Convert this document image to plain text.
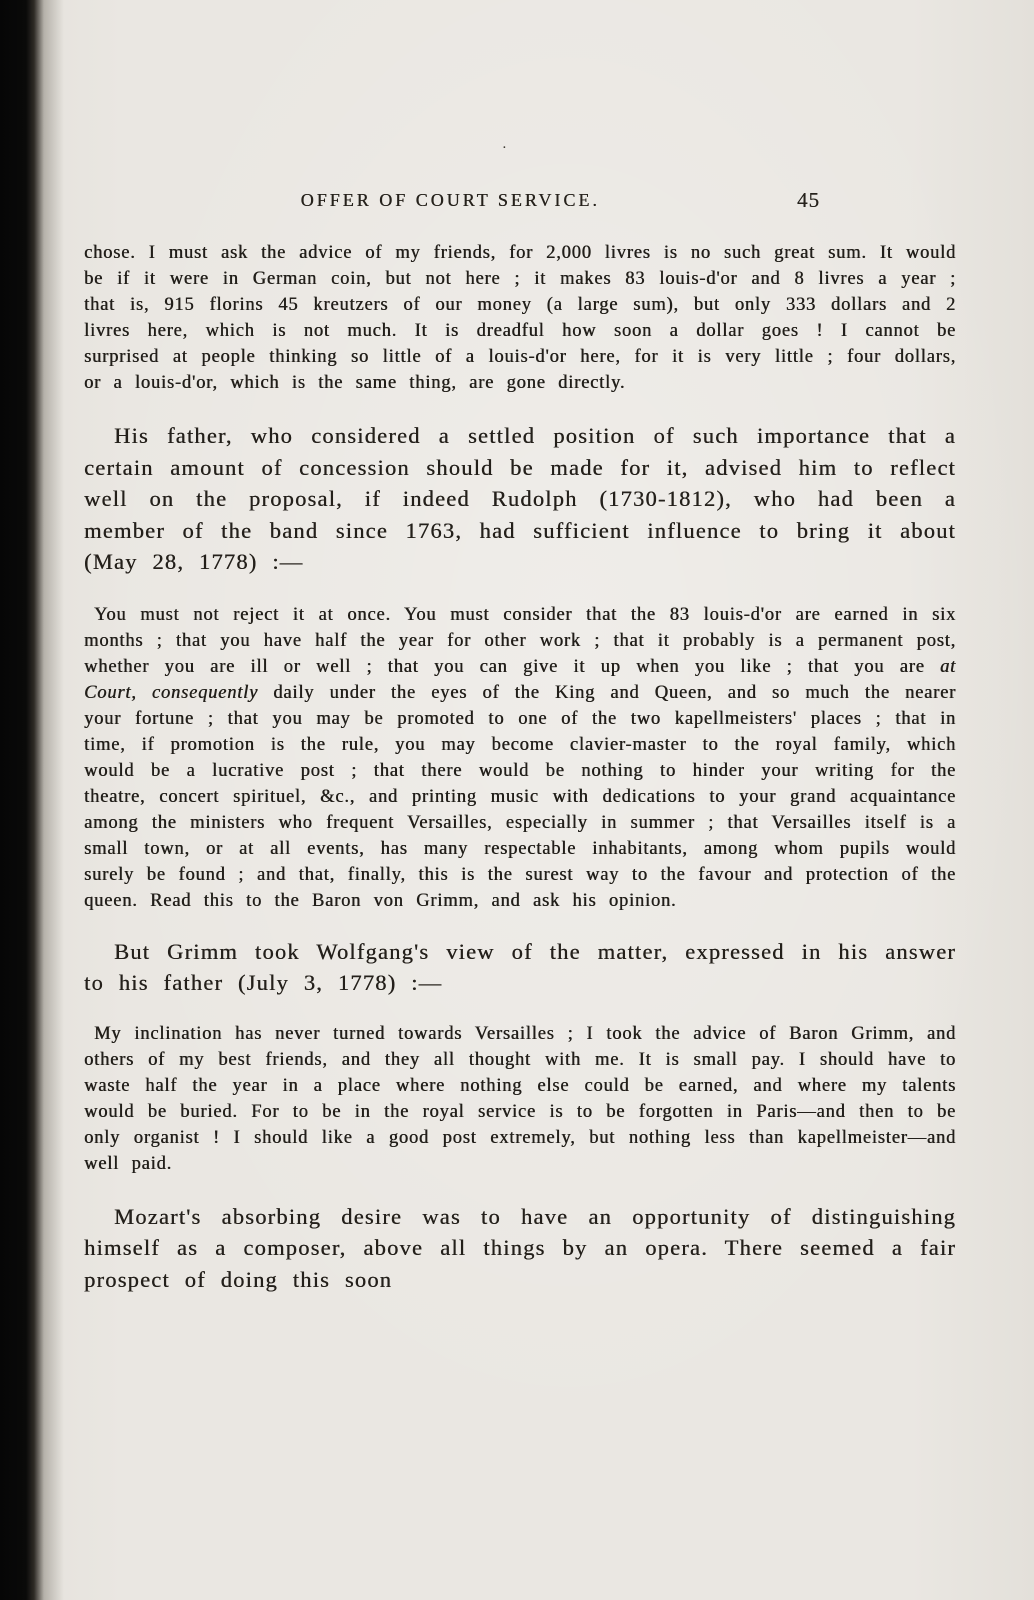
.
OFFER OF COURT SERVICE.	45

chose. I must ask the advice of my friends, for 2,000 livres is no such great sum. It would be if it were in German coin, but not here ; it makes 83 louis-d'or and 8 livres a year ; that is, 915 florins 45 kreutzers of our money (a large sum), but only 333 dollars and 2 livres here, which is not much. It is dreadful how soon a dollar goes ! I cannot be surprised at people thinking so little of a louis-d'or here, for it is very little ; four dollars, or a louis-d'or, which is the same thing, are gone directly.

His father, who considered a settled position of such importance that a certain amount of concession should be made for it, advised him to reflect well on the proposal, if indeed Rudolph (1730-1812), who had been a member of the band since 1763, had sufficient influence to bring it about (May 28, 1778) :—

You must not reject it at once. You must consider that the 83 louis-d'or are earned in six months ; that you have half the year for other work ; that it probably is a permanent post, whether you are ill or well ; that you can give it up when you like ; that you are at Court, consequently daily under the eyes of the King and Queen, and so much the nearer your fortune ; that you may be promoted to one of the two kapellmeisters' places ; that in time, if promotion is the rule, you may become clavier-master to the royal family, which would be a lucrative post ; that there would be nothing to hinder your writing for the theatre, concert spirituel, &c., and printing music with dedications to your grand acquaintance among the ministers who frequent Versailles, especially in summer ; that Versailles itself is a small town, or at all events, has many respectable inhabitants, among whom pupils would surely be found ; and that, finally, this is the surest way to the favour and protection of the queen. Read this to the Baron von Grimm, and ask his opinion.

But Grimm took Wolfgang's view of the matter, expressed in his answer to his father (July 3, 1778) :—

My inclination has never turned towards Versailles ; I took the advice of Baron Grimm, and others of my best friends, and they all thought with me. It is small pay. I should have to waste half the year in a place where nothing else could be earned, and where my talents would be buried. For to be in the royal service is to be forgotten in Paris—and then to be only organist ! I should like a good post extremely, but nothing less than kapellmeister—and well paid.

Mozart's absorbing desire was to have an opportunity of distinguishing himself as a composer, above all things by an opera. There seemed a fair prospect of doing this soon
